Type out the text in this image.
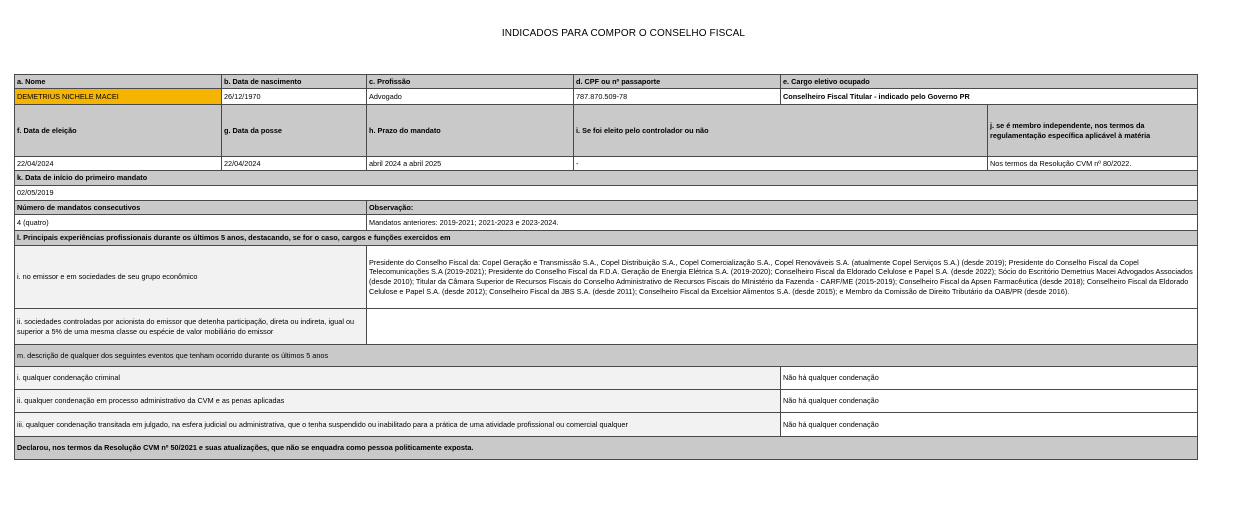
INDICADOS PARA COMPOR O CONSELHO FISCAL
a. Nome	b. Data de nascimento	c. Profissão	d. CPF ou nº passaporte	e. Cargo eletivo ocupado	
DEMETRIUS NICHELE MACEI	26/12/1970	Advogado	787.870.509-78	Conselheiro Fiscal Titular - indicado pelo Governo PR	
f. Data de eleição	g. Data da posse	h. Prazo do mandato	i. Se foi eleito pelo controlador ou não		j. se é membro independente, nos termos da regulamentação específica aplicável à matéria
22/04/2024	22/04/2024	abril 2024 a abril 2025	-		Nos termos da Resolução CVM nº 80/2022.
k. Data de início do primeiro mandato					
02/05/2019					
Número de mandatos consecutivos		Observação:			
4 (quatro)		Mandatos anteriores: 2019-2021; 2021-2023 e 2023-2024.			
l. Principais experiências profissionais durante os últimos 5 anos, destacando, se for o caso, cargos e funções exercidos em					
i. no emissor e em sociedades de seu grupo econômico		Presidente do Conselho Fiscal da: Copel Geração e Transmissão S.A., Copel Distribuição S.A., Copel Comercialização S.A., Copel Renováveis S.A. (atualmente Copel Serviços S.A.) (desde 2019); Presidente do Conselho Fiscal da Copel Telecomunicações S.A (2019-2021); Presidente do Conselho Fiscal da F.D.A. Geração de Energia Elétrica S.A. (2019-2020); Conselheiro Fiscal da Eldorado Celulose e Papel S.A. (desde 2022); Sócio do Escritório Demetrius Macei Advogados Associados (desde 2010); Titular da Câmara Superior de Recursos Fiscais do Conselho Administrativo de Recursos Fiscais do MInistério da Fazenda - CARF/ME (2015-2019); Conselheiro Fiscal da Apsen Farmacêutica (desde 2018); Conselheiro Fiscal da Eldorado Celulose e Papel S.A. (desde 2012); Conselheiro Fiscal da JBS S.A. (desde 2011); Conselheiro Fiscal da Excelsior Alimentos S.A. (desde 2015); e Membro da Comissão de Direito Tributário da OAB/PR (desde 2016).			
ii. sociedades controladas por acionista do emissor que detenha participação, direta ou indireta, igual ou superior a 5% de uma mesma classe ou espécie de valor mobiliário do emissor					
m. descrição de qualquer dos seguintes eventos que tenham ocorrido durante os últimos 5 anos					
i. qualquer condenação criminal				Não há qualquer condenação	
ii. qualquer condenação em processo administrativo da CVM e as penas aplicadas				Não há qualquer condenação	
iii. qualquer condenação transitada em julgado, na esfera judicial ou administrativa, que o tenha suspendido ou inabilitado para a prática de uma atividade profissional ou comercial qualquer				Não há qualquer condenação	
Declarou, nos termos da Resolução CVM nº 50/2021 e suas atualizações, que não se enquadra como pessoa politicamente exposta.					
